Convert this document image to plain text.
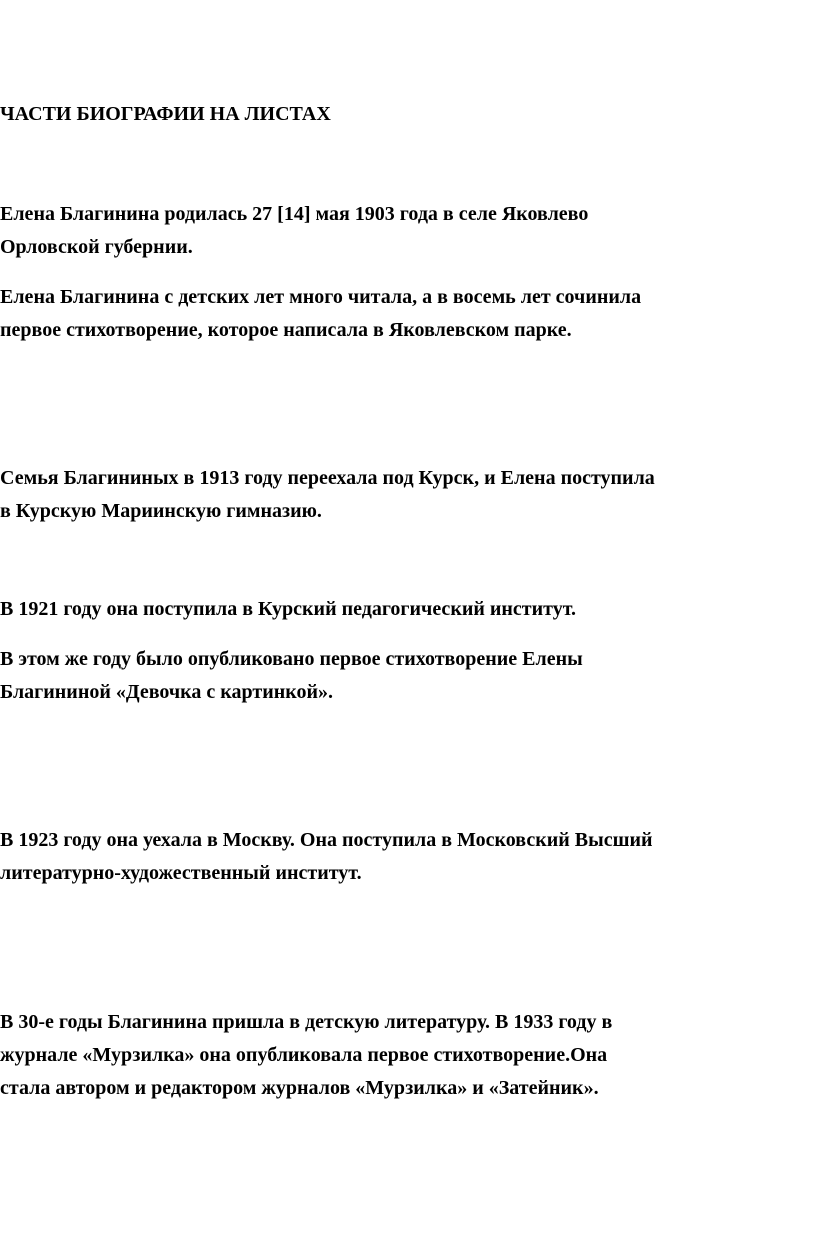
ЧАСТИ БИОГРАФИИ НА ЛИСТАХ

Елена Благинина родилась 27 [14] мая 1903 года в селе Яковлево
Орловской губернии.

Елена Благинина с детских лет много читала, а в восемь лет сочинила
первое стихотворение, которое написала в Яковлевском парке.

Семья Благининых в 1913 году переехала под Курск, и Елена поступила
в Курскую Мариинскую гимназию.

В 1921 году она поступила в Курский педагогический институт.

В этом же году было опубликовано первое стихотворение Елены
Благининой «Девочка с картинкой».

В 1923 году она уехала в Москву. Она поступила в Московский Высший
литературно-художественный институт.

В 30-е годы Благинина пришла в детскую литературу. В 1933 году в
журнале «Мурзилка» она опубликовала первое стихотворение.Она
стала автором и редактором журналов «Мурзилка» и «Затейник».
